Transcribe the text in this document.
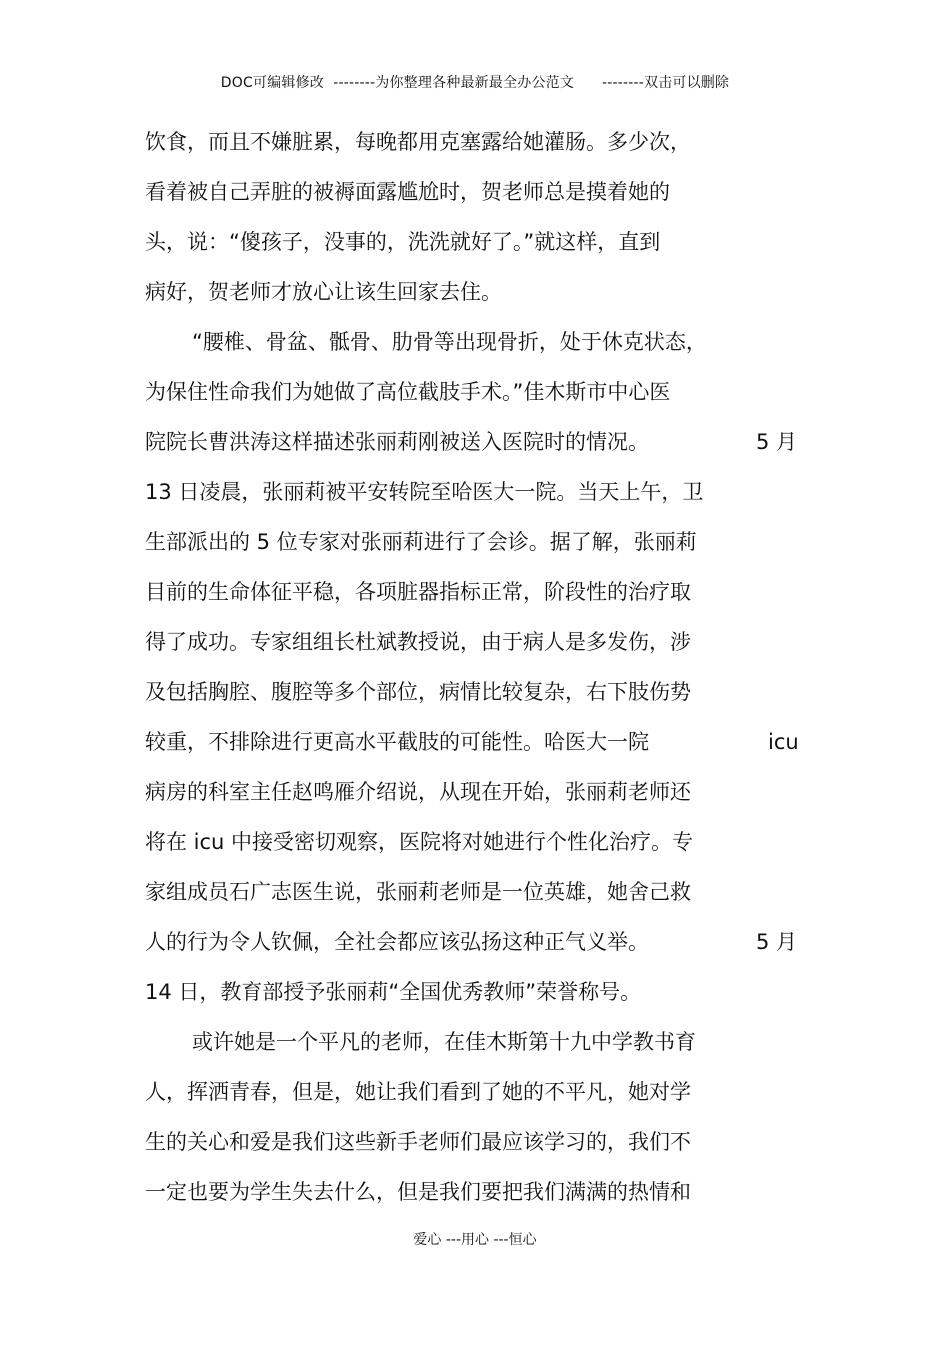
DOC可编辑修改  --------为你整理各种最新最全办公范文      --------双击可以删除
饮食，而且不嫌脏累，每晚都用克塞露给她灌肠。多少次，
看着被自己弄脏的被褥面露尴尬时，贺老师总是摸着她的
头，说：“傻孩子，没事的，洗洗就好了。”就这样，直到
病好，贺老师才放心让该生回家去住。
“腰椎、骨盆、骶骨、肋骨等出现骨折，处于休克状态，
为保住性命我们为她做了高位截肢手术。”佳木斯市中心医
院院长曹洪涛这样描述张丽莉刚被送入医院时的情况。	5 月
13 日凌晨，张丽莉被平安转院至哈医大一院。当天上午，卫
生部派出的 5 位专家对张丽莉进行了会诊。据了解，张丽莉
目前的生命体征平稳，各项脏器指标正常，阶段性的治疗取
得了成功。专家组组长杜斌教授说，由于病人是多发伤，涉
及包括胸腔、腹腔等多个部位，病情比较复杂，右下肢伤势
较重，不排除进行更高水平截肢的可能性。哈医大一院	icu
病房的科室主任赵鸣雁介绍说，从现在开始，张丽莉老师还
将在 icu 中接受密切观察，医院将对她进行个性化治疗。专
家组成员石广志医生说，张丽莉老师是一位英雄，她舍己救
人的行为令人钦佩，全社会都应该弘扬这种正气义举。	5 月
14 日，教育部授予张丽莉“全国优秀教师”荣誉称号。
或许她是一个平凡的老师，在佳木斯第十九中学教书育
人，挥洒青春，但是，她让我们看到了她的不平凡，她对学
生的关心和爱是我们这些新手老师们最应该学习的，我们不
一定也要为学生失去什么，但是我们要把我们满满的热情和
爱心 ---用心 ---恒心
